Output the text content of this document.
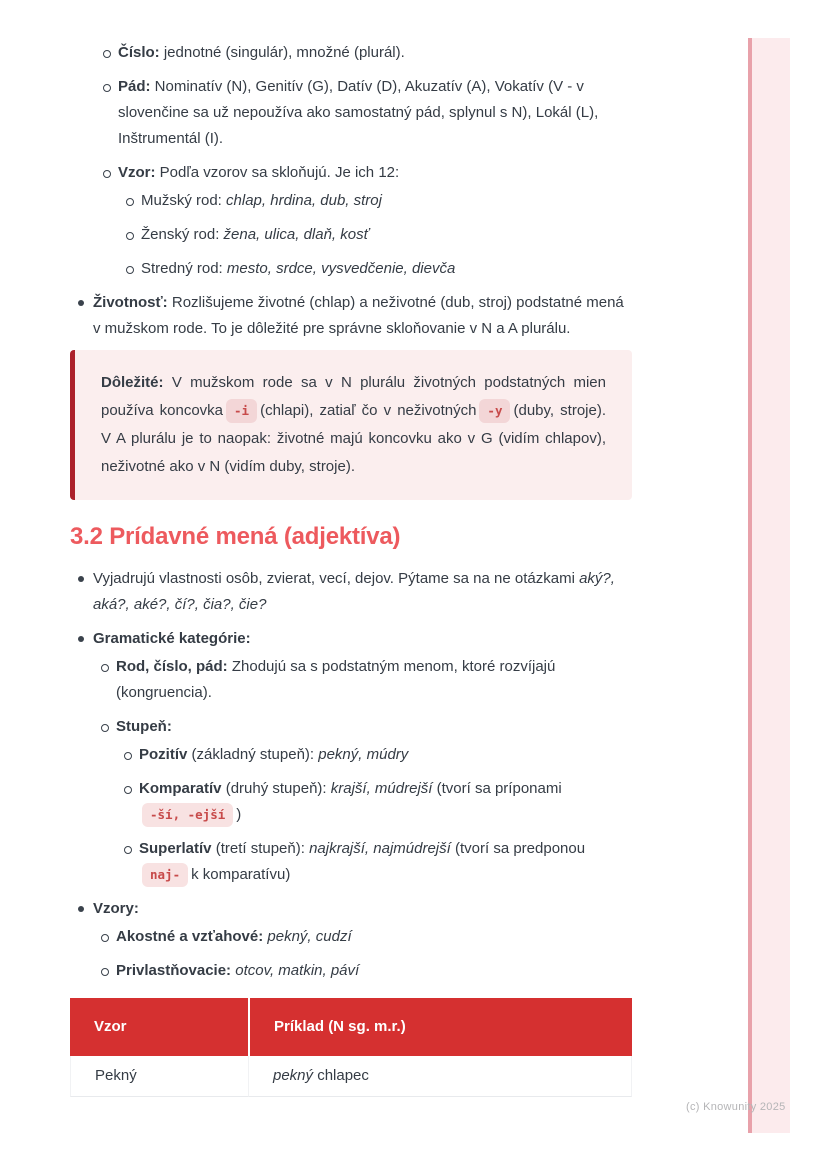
(c) Knowunity 2025
Číslo: jednotné (singulár), množné (plurál).
Pád: Nominatív (N), Genitív (G), Datív (D), Akuzatív (A), Vokatív (V - v slovenčine sa už nepoužíva ako samostatný pád, splynul s N), Lokál (L), Inštrumentál (I).
Vzor: Podľa vzorov sa skloňujú. Je ich 12:
Mužský rod: chlap, hrdina, dub, stroj
Ženský rod: žena, ulica, dlaň, kosť
Stredný rod: mesto, srdce, vysvedčenie, dievča
Životnosť: Rozlišujeme životné (chlap) a neživotné (dub, stroj) podstatné mená v mužskom rode. To je dôležité pre správne skloňovanie v N a A plurálu.
Dôležité: V mužskom rode sa v N plurálu životných podstatných mien používa koncovka -i (chlapi), zatiaľ čo v neživotných -y (duby, stroje). V A plurálu je to naopak: životné majú koncovku ako v G (vidím chlapov), neživotné ako v N (vidím duby, stroje).
3.2 Prídavné mená (adjektíva)
Vyjadrujú vlastnosti osôb, zvierat, vecí, dejov. Pýtame sa na ne otázkami aký?, aká?, aké?, čí?, čia?, čie?
Gramatické kategórie:
Rod, číslo, pád: Zhodujú sa s podstatným menom, ktoré rozvíjajú (kongruencia).
Stupeň:
Pozitív (základný stupeň): pekný, múdry
Komparatív (druhý stupeň): krajší, múdrejší (tvorí sa príponami-ší, -ejší )
Superlatív (tretí stupeň): najkrajší, najmúdrejší (tvorí sa predponounaj- k komparatívu)
Vzory:
Akostné a vzťahové: pekný, cudzí
Privlastňovacie: otcov, matkin, páví
Vzor	Príklad (N sg. m.r.)
Pekný	pekný chlapec
